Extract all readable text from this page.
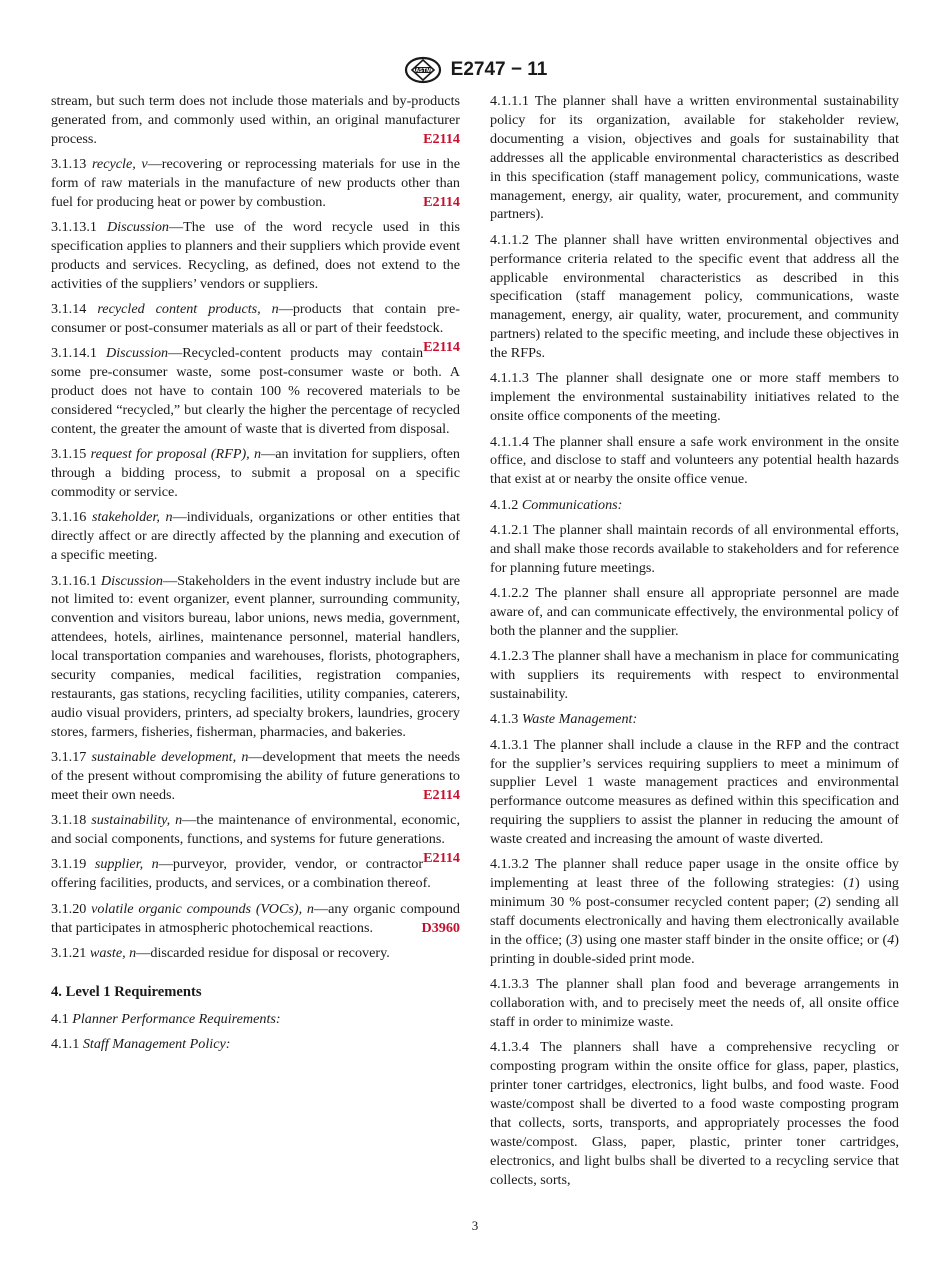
ASTM E2747 − 11

stream, but such term does not include those materials and by-products generated from, and commonly used within, an original manufacturer process.	E2114

3.1.13 recycle, v—recovering or reprocessing materials for use in the form of raw materials in the manufacture of new products other than fuel for producing heat or power by combustion.	E2114

3.1.13.1 Discussion—The use of the word recycle used in this specification applies to planners and their suppliers which provide event products and services. Recycling, as defined, does not extend to the activities of the suppliers’ vendors or suppliers.

3.1.14 recycled content products, n—products that contain pre-consumer or post-consumer materials as all or part of their feedstock.
E2114

3.1.14.1 Discussion—Recycled-content products may contain some pre-consumer waste, some post-consumer waste or both. A product does not have to contain 100 % recovered materials to be considered “recycled,” but clearly the higher the percentage of recycled content, the greater the amount of waste that is diverted from disposal.

3.1.15 request for proposal (RFP), n—an invitation for suppliers, often through a bidding process, to submit a proposal on a specific commodity or service.

3.1.16 stakeholder, n—individuals, organizations or other entities that directly affect or are directly affected by the planning and execution of a specific meeting.

3.1.16.1 Discussion—Stakeholders in the event industry include but are not limited to: event organizer, event planner, surrounding community, convention and visitors bureau, labor unions, news media, government, attendees, hotels, airlines, maintenance personnel, material handlers, local transportation companies and warehouses, florists, photographers, security companies, medical facilities, registration companies, restaurants, gas stations, recycling facilities, utility companies, caterers, audio visual providers, printers, ad specialty brokers, laundries, grocery stores, farmers, fisheries, fisherman, pharmacies, and bakeries.

3.1.17 sustainable development, n—development that meets the needs of the present without compromising the ability of future generations to meet their own needs.	E2114

3.1.18 sustainability, n—the maintenance of environmental, economic, and social components, functions, and systems for future generations.
E2114

3.1.19 supplier, n—purveyor, provider, vendor, or contractor offering facilities, products, and services, or a combination thereof.

3.1.20 volatile organic compounds (VOCs), n—any organic compound that participates in atmospheric photochemical reactions.	D3960

3.1.21 waste, n—discarded residue for disposal or recovery.

4. Level 1 Requirements

4.1 Planner Performance Requirements:

4.1.1 Staff Management Policy:

4.1.1.1 The planner shall have a written environmental sustainability policy for its organization, available for stakeholder review, documenting a vision, objectives and goals for sustainability that addresses all the applicable environmental characteristics as described in this specification (staff management policy, communications, waste management, energy, air quality, water, procurement, and community partners).

4.1.1.2 The planner shall have written environmental objectives and performance criteria related to the specific event that address all the applicable environmental characteristics as described in this specification (staff management policy, communications, waste management, energy, air quality, water, procurement, and community partners) related to the specific meeting, and include these objectives in the RFPs.

4.1.1.3 The planner shall designate one or more staff members to implement the environmental sustainability initiatives related to the onsite office components of the meeting.

4.1.1.4 The planner shall ensure a safe work environment in the onsite office, and disclose to staff and volunteers any potential health hazards that exist at or nearby the onsite office venue.

4.1.2 Communications:

4.1.2.1 The planner shall maintain records of all environmental efforts, and shall make those records available to stakeholders and for reference for planning future meetings.

4.1.2.2 The planner shall ensure all appropriate personnel are made aware of, and can communicate effectively, the environmental policy of both the planner and the supplier.

4.1.2.3 The planner shall have a mechanism in place for communicating with suppliers its requirements with respect to environmental sustainability.

4.1.3 Waste Management:

4.1.3.1 The planner shall include a clause in the RFP and the contract for the supplier’s services requiring suppliers to meet a minimum of supplier Level 1 waste management practices and environmental performance outcome measures as defined within this specification and requiring the suppliers to assist the planner in reducing the amount of waste created and increasing the amount of waste diverted.

4.1.3.2 The planner shall reduce paper usage in the onsite office by implementing at least three of the following strategies: (1) using minimum 30 % post-consumer recycled content paper; (2) sending all staff documents electronically and having them electronically available in the office; (3) using one master staff binder in the onsite office; or (4) printing in double-sided print mode.

4.1.3.3 The planner shall plan food and beverage arrangements in collaboration with, and to precisely meet the needs of, all onsite office staff in order to minimize waste.

4.1.3.4 The planners shall have a comprehensive recycling or composting program within the onsite office for glass, paper, plastics, printer toner cartridges, electronics, light bulbs, and food waste. Food waste/compost shall be diverted to a food waste composting program that collects, sorts, transports, and appropriately processes the food waste/compost. Glass, paper, plastic, printer toner cartridges, electronics, and light bulbs shall be diverted to a recycling service that collects, sorts,

3
